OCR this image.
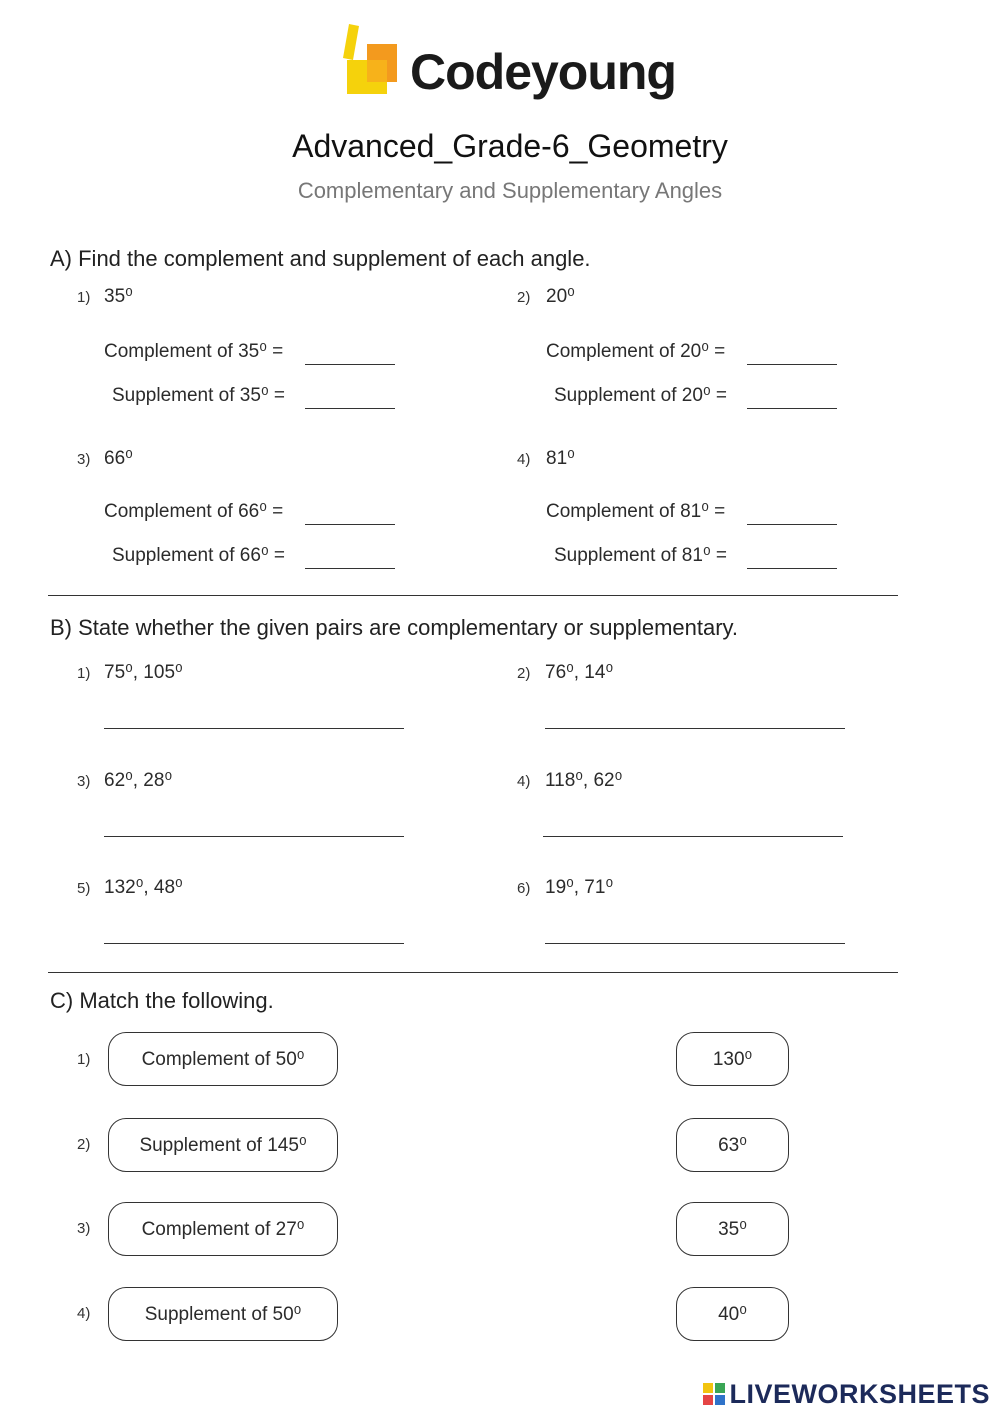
Codeyoung
Advanced_Grade-6_Geometry
Complementary and Supplementary Angles
A) Find the complement and supplement of each angle.
1) 35⁰
Complement of 35⁰ =
Supplement of 35⁰ =
2) 20⁰
Complement of 20⁰ =
Supplement of 20⁰ =
3) 66⁰
Complement of 66⁰ =
Supplement of 66⁰ =
4) 81⁰
Complement of 81⁰ =
Supplement of 81⁰ =
B) State whether the given pairs are complementary or supplementary.
1) 75⁰, 105⁰	2) 76⁰, 14⁰
3) 62⁰, 28⁰	4) 118⁰, 62⁰
5) 132⁰, 48⁰	6) 19⁰, 71⁰
C) Match the following.
1)	Complement of 50⁰	130⁰
2)	Supplement of 145⁰	63⁰
3)	Complement of 27⁰	35⁰
4)	Supplement of 50⁰	40⁰
LIVEWORKSHEETS
